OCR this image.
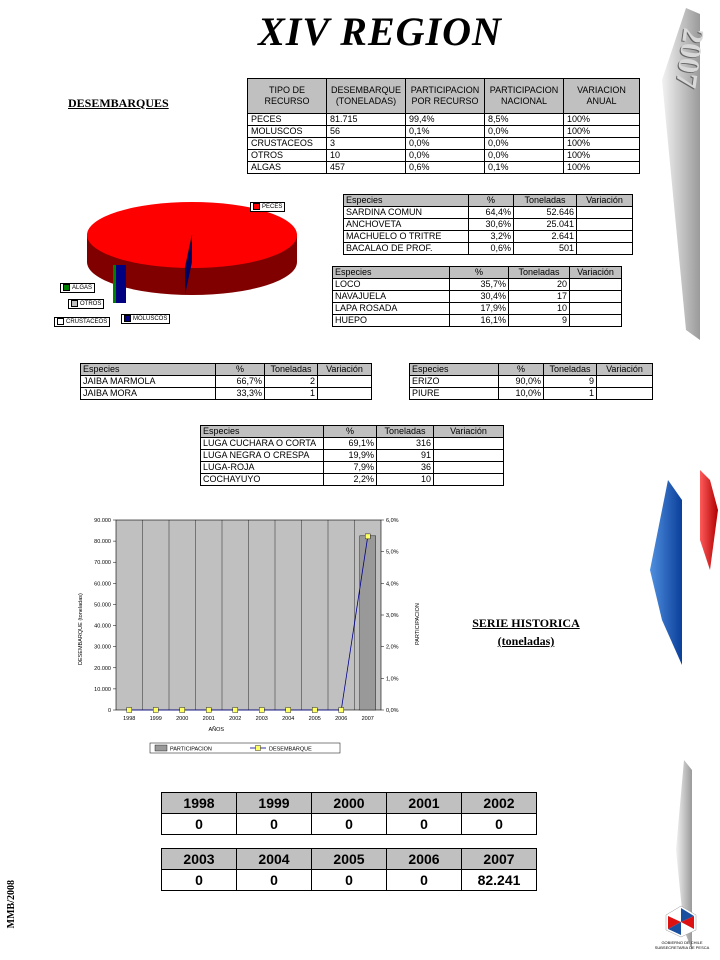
XIV REGION	2007
DESEMBARQUES
TIPO DE RECURSO	DESEMBARQUE (TONELADAS)	PARTICIPACION POR RECURSO	PARTICIPACION NACIONAL	VARIACION ANUAL
PECES	81.715	99,4%	8,5%	100%
MOLUSCOS	56	0,1%	0,0%	100%
CRUSTACEOS	3	0,0%	0,0%	100%
OTROS	10	0,0%	0,0%	100%
ALGAS	457	0,6%	0,1%	100%
PECES
ALGAS
OTROS
CRUSTACEOS	MOLUSCOS
Especies	%	Toneladas	Variación
SARDINA COMUN	64,4%	52.646	
ANCHOVETA	30,6%	25.041	
MACHUELO O TRITRE	3,2%	2.641	
BACALAO DE PROF.	0,6%	501	
Especies	%	Toneladas	Variación
LOCO	35,7%	20	
NAVAJUELA	30,4%	17	
LAPA ROSADA	17,9%	10	
HUEPO	16,1%	9	
Especies	%	Toneladas	Variación
JAIBA MARMOLA	66,7%	2	
JAIBA MORA	33,3%	1	
Especies	%	Toneladas	Variación
ERIZO	90,0%	9	
PIURE	10,0%	1	
Especies	%	Toneladas	Variación
LUGA CUCHARA O CORTA	69,1%	316	
LUGA NEGRA O CRESPA	19,9%	91	
LUGA-ROJA	7,9%	36	
COCHAYUYO	2,2%	10	
0
10.000
20.000
30.000
40.000
50.000
60.000
70.000
80.000
90.000
0,0%
1,0%
2,0%
3,0%
4,0%
5,0%
6,0%
1998	1999	2000	2001	2002	2003	2004	2005	2006	2007
AÑOS
DESEMBARQUE (toneladas)	PARTICIPACION
PARTICIPACION	DESEMBARQUE
SERIE HISTORICA
(toneladas)
1998	1999	2000	2001	2002
0	0	0	0	0
2003	2004	2005	2006	2007
0	0	0	0	82.241
MMB/2008
GOBIERNO DE CHILE
SUBSECRETARIA DE PESCA
